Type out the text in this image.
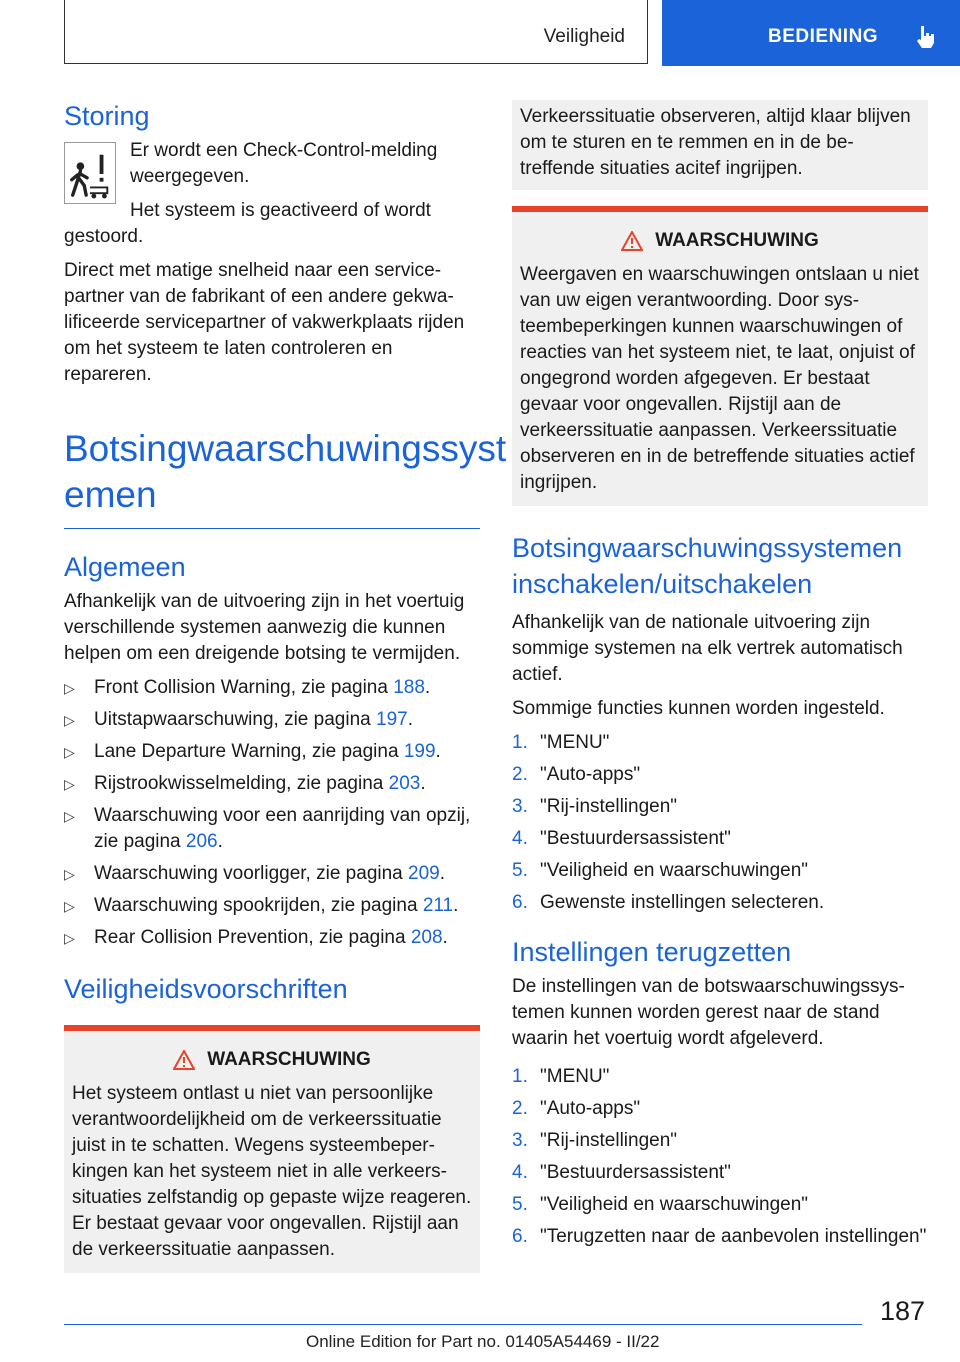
Veiligheid	BEDIENING
Storing

Er wordt een Check-Control-melding weergegeven.

Het systeem is geactiveerd of wordt gestoord.

Direct met matige snelheid naar een servicepartner van de fabrikant of een andere gekwalificeerde servicepartner of vakwerkplaats rijden om het systeem te laten controleren en repareren.

Botsingwaarschuwingssyst
emen
Algemeen

Afhankelijk van de uitvoering zijn in het voertuig verschillende systemen aanwezig die kunnen helpen om een dreigende botsing te vermijden.

▷ Front Collision Warning, zie pagina 188.
▷ Uitstapwaarschuwing, zie pagina 197.
▷ Lane Departure Warning, zie pagina 199.
▷ Rijstrookwisselmelding, zie pagina 203.
▷ Waarschuwing voor een aanrijding van opzij, zie pagina 206.
▷ Waarschuwing voorligger, zie pagina 209.
▷ Waarschuwing spookrijden, zie pagina 211.
▷ Rear Collision Prevention, zie pagina 208.
Veiligheidsvoorschriften
WAARSCHUWING

Het systeem ontlast u niet van persoonlijke verantwoordelijkheid om de verkeerssituatie juist in te schatten. Wegens systeembeperkingen kan het systeem niet in alle verkeerssituaties zelfstandig op gepaste wijze reageren. Er bestaat gevaar voor ongevallen. Rijstijl aan de verkeerssituatie aanpassen.

Verkeerssituatie observeren, altijd klaar blijven om te sturen en te remmen en in de betreffende situaties acitef ingrijpen.

WAARSCHUWING

Weergaven en waarschuwingen ontslaan u niet van uw eigen verantwoording. Door systeembeperkingen kunnen waarschuwingen of reacties van het systeem niet, te laat, onjuist of ongegrond worden afgegeven. Er bestaat gevaar voor ongevallen. Rijstijl aan de verkeerssituatie aanpassen. Verkeerssituatie observeren en in de betreffende situaties actief ingrijpen.

Botsingwaarschuwingssystemen inschakelen/uitschakelen

Afhankelijk van de nationale uitvoering zijn sommige systemen na elk vertrek automatisch actief.

Sommige functies kunnen worden ingesteld.

1. "MENU"
2. "Auto-apps"
3. "Rij-instellingen"
4. "Bestuurdersassistent"
5. "Veiligheid en waarschuwingen"
6. Gewenste instellingen selecteren.
Instellingen terugzetten

De instellingen van de botswaarschuwingssystemen kunnen worden gerest naar de stand waarin het voertuig wordt afgeleverd.

1. "MENU"
2. "Auto-apps"
3. "Rij-instellingen"
4. "Bestuurdersassistent"
5. "Veiligheid en waarschuwingen"
6. "Terugzetten naar de aanbevolen instellingen"
187
Online Edition for Part no. 01405A54469 - II/22
